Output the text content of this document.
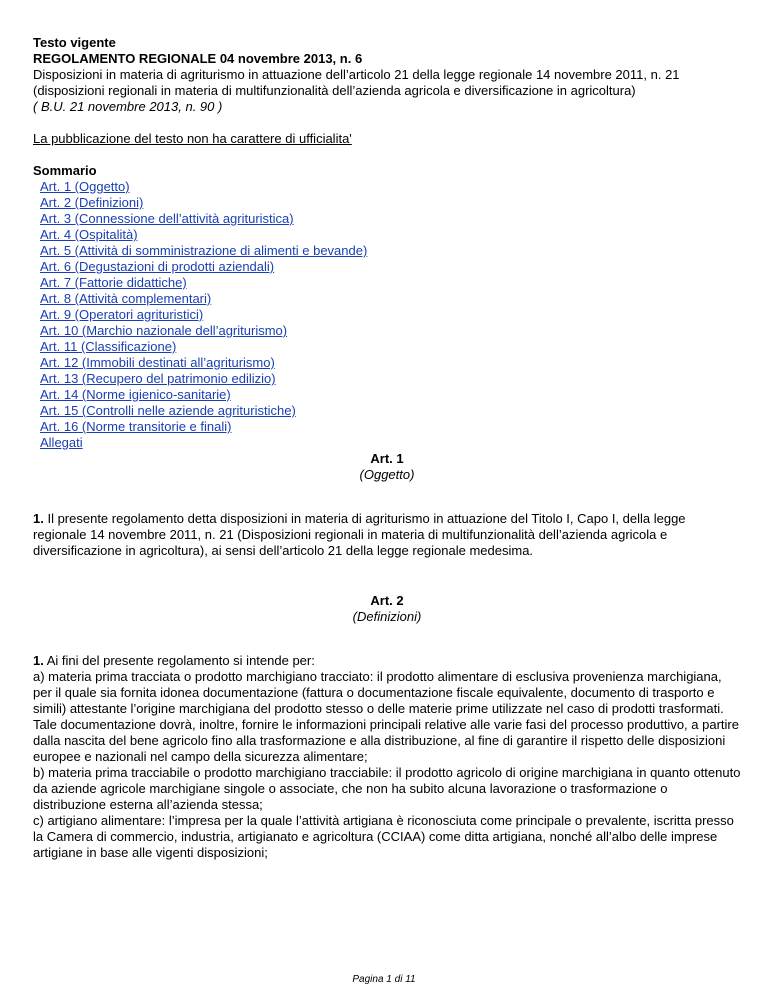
Testo vigente

REGOLAMENTO REGIONALE 04 novembre 2013, n. 6

Disposizioni in materia di agriturismo in attuazione dell’articolo 21 della legge regionale 14 novembre 2011, n. 21 (disposizioni regionali in materia di multifunzionalità dell’azienda agricola e diversificazione in agricoltura)

( B.U. 21 novembre 2013, n. 90 )

La pubblicazione del testo non ha carattere di ufficialita'

Sommario

Art. 1 (Oggetto)
Art. 2 (Definizioni)
Art. 3 (Connessione dell’attività agrituristica)
Art. 4 (Ospitalità)
Art. 5 (Attività di somministrazione di alimenti e bevande)
Art. 6 (Degustazioni di prodotti aziendali)
Art. 7 (Fattorie didattiche)
Art. 8 (Attività complementari)
Art. 9 (Operatori agrituristici)
Art. 10 (Marchio nazionale dell’agriturismo)
Art. 11 (Classificazione)
Art. 12 (Immobili destinati all’agriturismo)
Art. 13 (Recupero del patrimonio edilizio)
Art. 14 (Norme igienico-sanitarie)
Art. 15 (Controlli nelle aziende agrituristiche)
Art. 16 (Norme transitorie e finali)
Allegati

Art. 1

(Oggetto)

1. Il presente regolamento detta disposizioni in materia di agriturismo in attuazione del Titolo I, Capo I, della legge regionale 14 novembre 2011, n. 21 (Disposizioni regionali in materia di multifunzionalità dell’azienda agricola e diversificazione in agricoltura), ai sensi dell’articolo 21 della legge regionale medesima.

Art. 2

(Definizioni)

1. Ai fini del presente regolamento si intende per:

a) materia prima tracciata o prodotto marchigiano tracciato: il prodotto alimentare di esclusiva provenienza marchigiana, per il quale sia fornita idonea documentazione (fattura o documentazione fiscale equivalente, documento di trasporto e simili) attestante l’origine marchigiana del prodotto stesso o delle materie prime utilizzate nel caso di prodotti trasformati. Tale documentazione dovrà, inoltre, fornire le informazioni principali relative alle varie fasi del processo produttivo, a partire dalla nascita del bene agricolo fino alla trasformazione e alla distribuzione, al fine di garantire il rispetto delle disposizioni europee e nazionali nel campo della sicurezza alimentare;

b) materia prima tracciabile o prodotto marchigiano tracciabile: il prodotto agricolo di origine marchigiana in quanto ottenuto da aziende agricole marchigiane singole o associate, che non ha subito alcuna lavorazione o trasformazione o distribuzione esterna all’azienda stessa;

c) artigiano alimentare: l’impresa per la quale l’attività artigiana è riconosciuta come principale o prevalente, iscritta presso la Camera di commercio, industria, artigianato e agricoltura (CCIAA) come ditta artigiana, nonché all’albo delle imprese artigiane in base alle vigenti disposizioni;

Pagina 1 di 11
